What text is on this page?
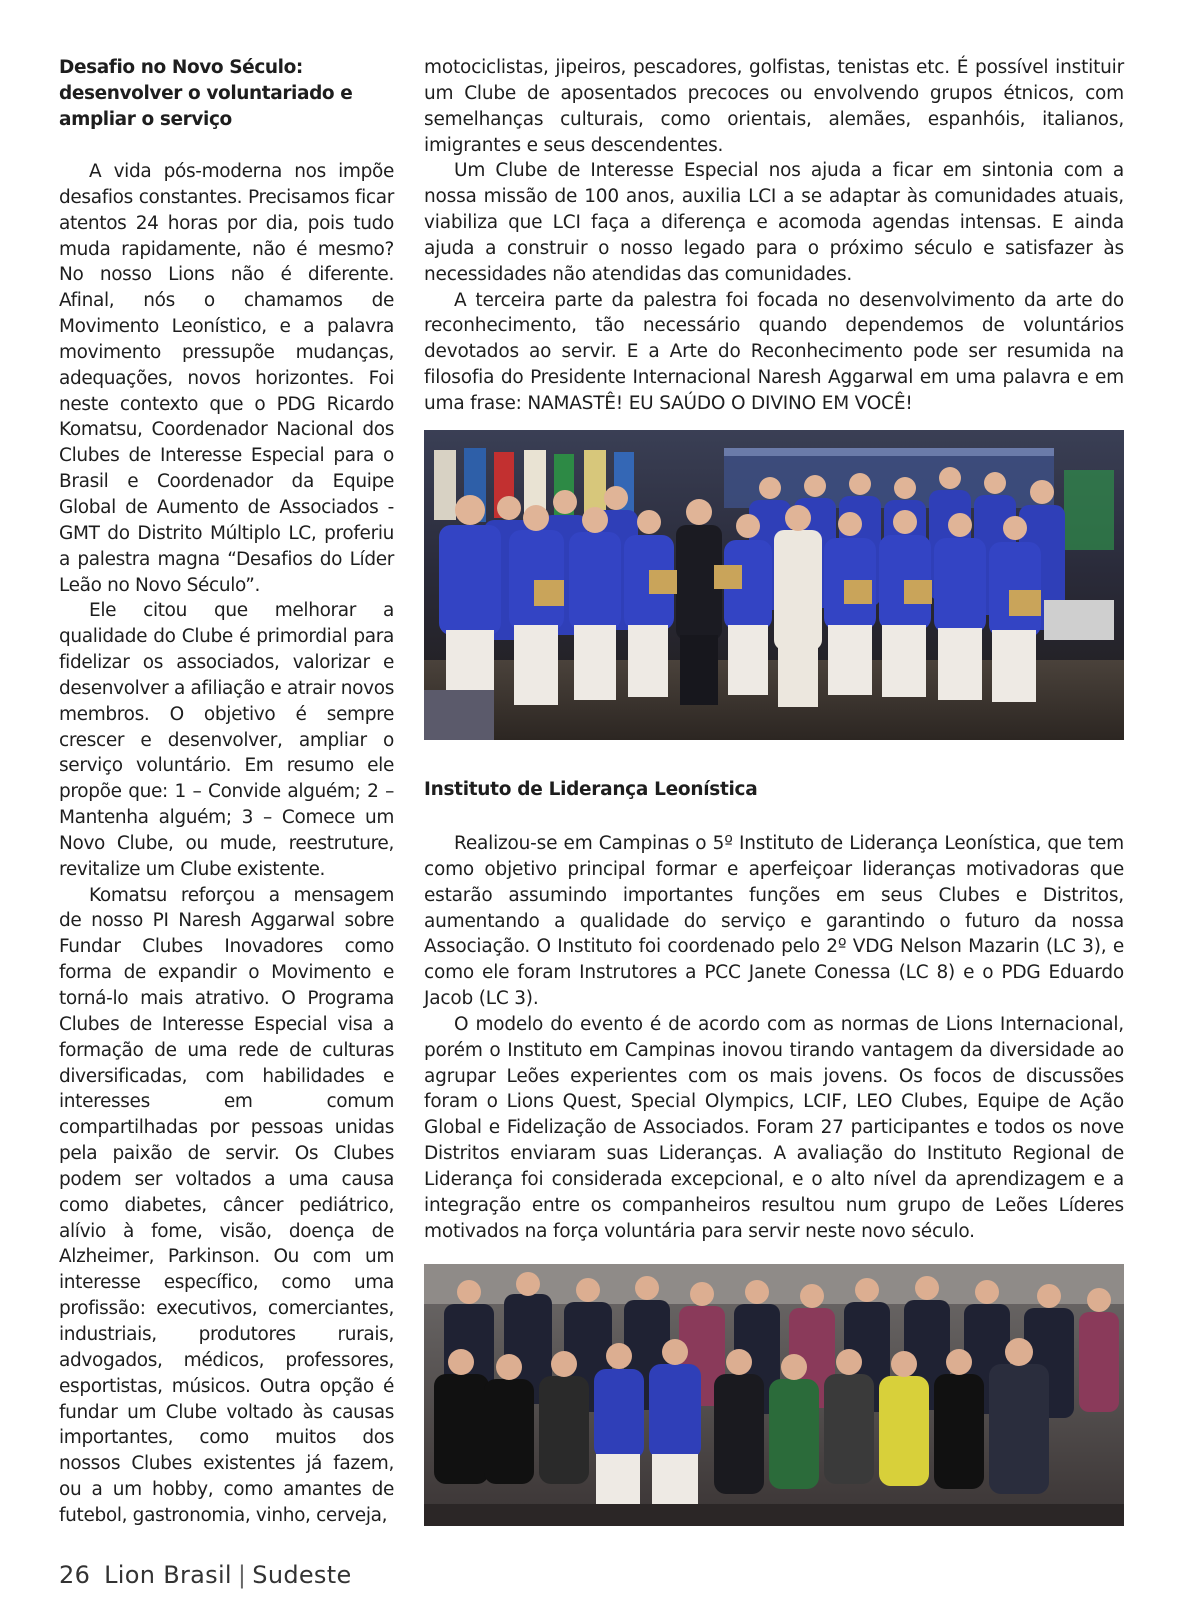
Desafio no Novo Século: desenvolver o voluntariado e ampliar o serviço

A vida pós-moderna nos impõe desafios constantes. Precisamos ficar atentos 24 horas por dia, pois tudo muda rapidamente, não é mesmo? No nosso Lions não é diferente. Afinal, nós o chamamos de Movimento Leonístico, e a palavra movimento pressupõe mudanças, adequações, novos horizontes. Foi neste contexto que o PDG Ricardo Komatsu, Coordenador Nacional dos Clubes de Interesse Especial para o Brasil e Coordenador da Equipe Global de Aumento de Associados - GMT do Distrito Múltiplo LC, proferiu a palestra magna “Desafios do Líder Leão no Novo Século”.

Ele citou que melhorar a qualidade do Clube é primordial para fidelizar os associados, valorizar e desenvolver a afiliação e atrair novos membros. O objetivo é sempre crescer e desenvolver, ampliar o serviço voluntário. Em resumo ele propõe que: 1 – Convide alguém; 2 – Mantenha alguém; 3 – Comece um Novo Clube, ou mude, reestruture, revitalize um Clube existente.

Komatsu reforçou a mensagem de nosso PI Naresh Aggarwal sobre Fundar Clubes Inovadores como forma de expandir o Movimento e torná-lo mais atrativo. O Programa Clubes de Interesse Especial visa a formação de uma rede de culturas diversificadas, com habilidades e interesses em comum compartilhadas por pessoas unidas pela paixão de servir. Os Clubes podem ser voltados a uma causa como diabetes, câncer pediátrico, alívio à fome, visão, doença de Alzheimer, Parkinson. Ou com um interesse específico, como uma profissão: executivos, comerciantes, industriais, produtores rurais, advogados, médicos, professores, esportistas, músicos. Outra opção é fundar um Clube voltado às causas importantes, como muitos dos nossos Clubes existentes já fazem, ou a um hobby, como amantes de futebol, gastronomia, vinho, cerveja,

motociclistas, jipeiros, pescadores, golfistas, tenistas etc. É possível instituir um Clube de aposentados precoces ou envolvendo grupos étnicos, com semelhanças culturais, como orientais, alemães, espanhóis, italianos, imigrantes e seus descendentes.

Um Clube de Interesse Especial nos ajuda a ficar em sintonia com a nossa missão de 100 anos, auxilia LCI a se adaptar às comunidades atuais, viabiliza que LCI faça a diferença e acomoda agendas intensas. E ainda ajuda a construir o nosso legado para o próximo século e satisfazer às necessidades não atendidas das comunidades.

A terceira parte da palestra foi focada no desenvolvimento da arte do reconhecimento, tão necessário quando dependemos de voluntários devotados ao servir. E a Arte do Reconhecimento pode ser resumida na filosofia do Presidente Internacional Naresh Aggarwal em uma palavra e em uma frase: NAMASTÊ! EU SAÚDO O DIVINO EM VOCÊ!

Instituto de Liderança Leonística

Realizou-se em Campinas o 5º Instituto de Liderança Leonística, que tem como objetivo principal formar e aperfeiçoar lideranças motivadoras que estarão assumindo importantes funções em seus Clubes e Distritos, aumentando a qualidade do serviço e garantindo o futuro da nossa Associação. O Instituto foi coordenado pelo 2º VDG Nelson Mazarin (LC 3), e como ele foram Instrutores a PCC Janete Conessa (LC 8) e o PDG Eduardo Jacob (LC 3).

O modelo do evento é de acordo com as normas de Lions Internacional, porém o Instituto em Campinas inovou tirando vantagem da diversidade ao agrupar Leões experientes com os mais jovens. Os focos de discussões foram o Lions Quest, Special Olympics, LCIF, LEO Clubes, Equipe de Ação Global e Fidelização de Associados. Foram 27 participantes e todos os nove Distritos enviaram suas Lideranças. A avaliação do Instituto Regional de Liderança foi considerada excepcional, e o alto nível da aprendizagem e a integração entre os companheiros resultou num grupo de Leões Líderes motivados na força voluntária para servir neste novo século.

26 Lion Brasil | Sudeste
